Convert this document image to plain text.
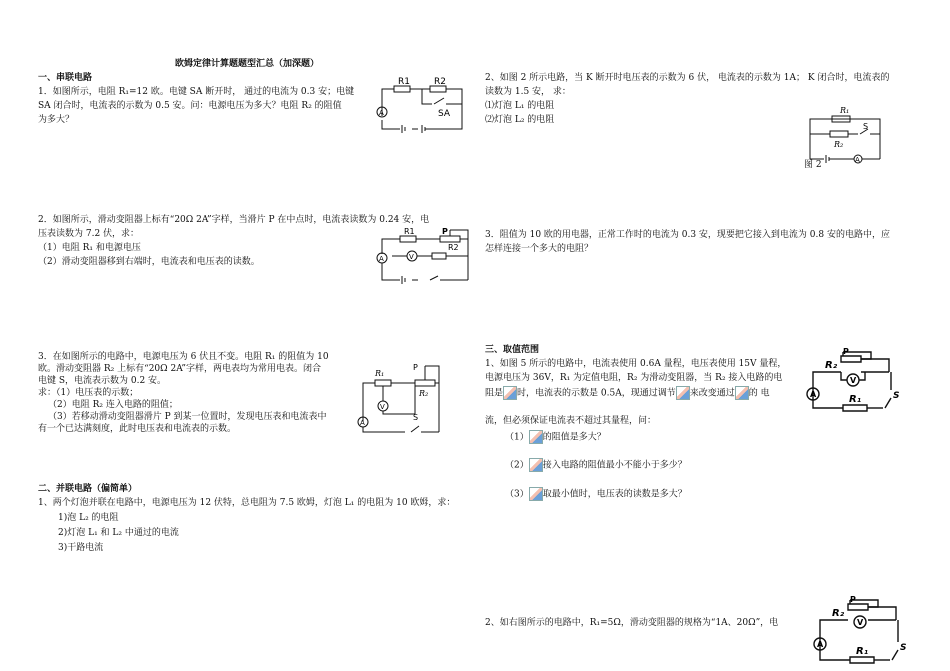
欧姆定律计算题题型汇总（加深题）
一、串联电路
1．如图所示，电阻 R₁=12 欧。电键 SA 断开时， 通过的电流为 0.3 安；电键
SA 闭合时，电流表的示数为 0.5 安。问：电源电压为多大？电阻 R₂ 的阻值
为多大？
R1	R2
SA
A
2．如图所示，滑动变阻器上标有“20Ω 2A”字样，当滑片 P 在中点时，电流表读数为 0.24 安，电
压表读数为 7.2 伏，求：
（1）电阻 R₁ 和电源电压
（2）滑动变阻器移到右端时，电流表和电压表的读数。
R1
R2
P
A	V
3．在如图所示的电路中，电源电压为 6 伏且不变。电阻 R₁ 的阻值为 10
欧。滑动变阻器 R₂ 上标有“20Ω 2A”字样，两电表均为常用电表。闭合
电键 S，电流表示数为 0.2 安。
求：（1）电压表的示数；
（2）电阻 R₂ 连入电路的阻值；
（3）若移动滑动变阻器滑片 P 到某一位置时，发现电压表和电流表中
有一个已达满刻度，此时电压表和电流表的示数。
R₁
R₂
P
S
V
A
二、并联电路（偏简单）
1、两个灯泡并联在电路中，电源电压为 12 伏特，总电阻为 7.5 欧姆，灯泡 L₁ 的电阻为 10 欧姆，求：
1)泡 L₂ 的电阻
2)灯泡 L₁ 和 L₂ 中通过的电流
3)干路电流
2、如图 2 所示电路，当 K 断开时电压表的示数为 6 伏， 电流表的示数为 1A； K 闭合时，电流表的
读数为 1.5 安， 求：
⑴灯泡 L₁ 的电阻
⑵灯泡 L₂ 的电阻
R₁
R₂
S
A
图 2
3．阻值为 10 欧的用电器，正常工作时的电流为 0.3 安，现要把它接入到电流为 0.8 安的电路中，应
怎样连接一个多大的电阻？
三、取值范围
1、如图 5 所示的电路中，电流表使用 0.6A 量程，电压表使用 15V 量程，
电源电压为 36V，R₁ 为定值电阻，R₂ 为滑动变阻器，当 R₂ 接入电路的电
阻是 时，电流表的示数是 0.5A，现通过调节 来改变通过 的 电
流，但必须保证电流表不超过其量程，问：
（1） 的阻值是多大？
（2） 接入电路的阻值最小不能小于多少？
（3） 取最小值时，电压表的读数是多大？
R₂
R₁
P
S
A
V
2、如右图所示的电路中，R₁=5Ω，滑动变阻器的规格为“1A、20Ω”，电
R₂
R₁
P
S
A
V
